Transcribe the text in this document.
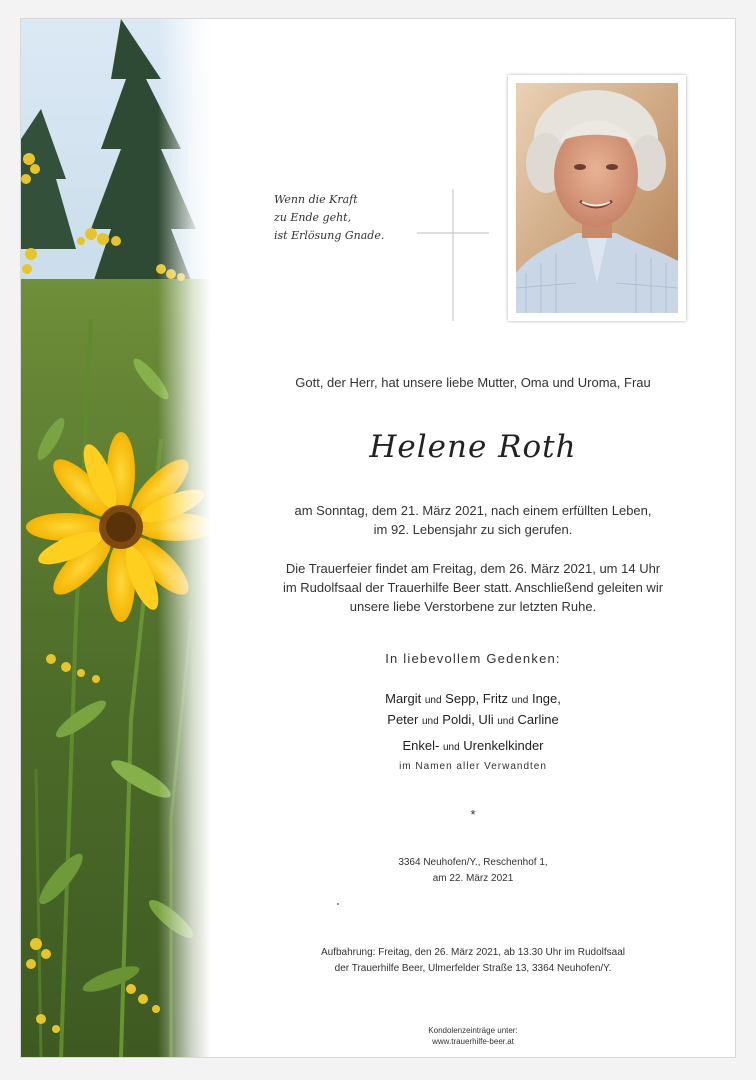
Wenn die Kraft
zu Ende geht,
ist Erlösung Gnade.
Gott, der Herr, hat unsere liebe Mutter, Oma und Uroma, Frau
Helene Roth
am Sonntag, dem 21. März 2021, nach einem erfüllten Leben,
im 92. Lebensjahr zu sich gerufen.
Die Trauerfeier findet am Freitag, dem 26. März 2021, um 14 Uhr
im Rudolfsaal der Trauerhilfe Beer statt. Anschließend geleiten wir
unsere liebe Verstorbene zur letzten Ruhe.
In liebevollem Gedenken:
Margit und Sepp, Fritz und Inge,
Peter und Poldi, Uli und Carline
Enkel- und Urenkelkinder
im Namen aller Verwandten
*
3364 Neuhofen/Y., Reschenhof 1,
am 22. März 2021
Aufbahrung: Freitag, den 26. März 2021, ab 13.30 Uhr im Rudolfsaal
der Trauerhilfe Beer, Ulmerfelder Straße 13, 3364 Neuhofen/Y.
Kondolenzeinträge unter:
www.trauerhilfe-beer.at
